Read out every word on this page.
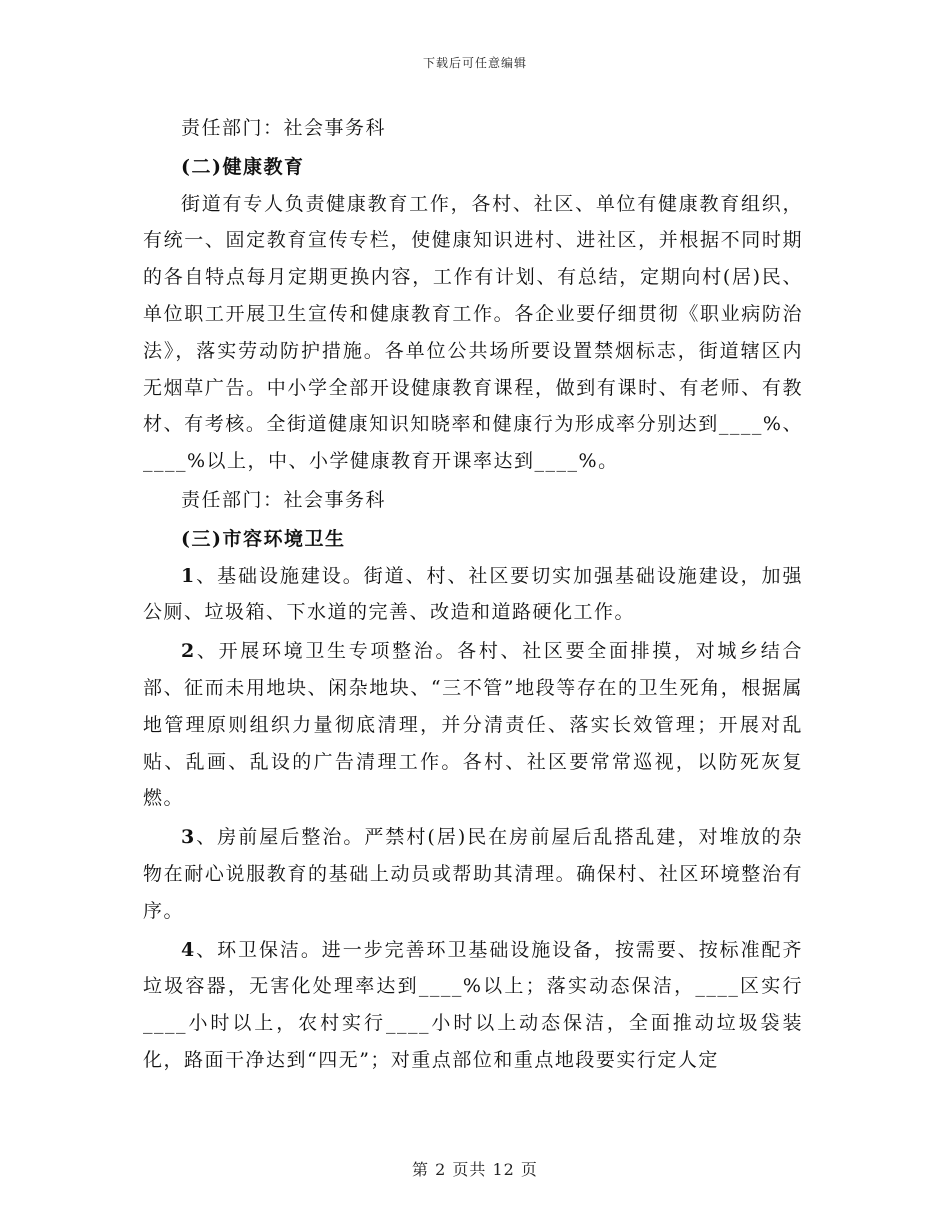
下载后可任意编辑

责任部门：社会事务科

(二)健康教育

街道有专人负责健康教育工作，各村、社区、单位有健康教育组织，有统一、固定教育宣传专栏，使健康知识进村、进社区，并根据不同时期的各自特点每月定期更换内容，工作有计划、有总结，定期向村(居)民、单位职工开展卫生宣传和健康教育工作。各企业要仔细贯彻《职业病防治法》，落实劳动防护措施。各单位公共场所要设置禁烟标志，街道辖区内无烟草广告。中小学全部开设健康教育课程，做到有课时、有老师、有教材、有考核。全街道健康知识知晓率和健康行为形成率分别达到____%、____%以上，中、小学健康教育开课率达到____%。

责任部门：社会事务科

(三)市容环境卫生

1、基础设施建设。街道、村、社区要切实加强基础设施建设，加强公厕、垃圾箱、下水道的完善、改造和道路硬化工作。

2、开展环境卫生专项整治。各村、社区要全面排摸，对城乡结合部、征而未用地块、闲杂地块、“三不管”地段等存在的卫生死角，根据属地管理原则组织力量彻底清理，并分清责任、落实长效管理；开展对乱贴、乱画、乱设的广告清理工作。各村、社区要常常巡视，以防死灰复燃。

3、房前屋后整治。严禁村(居)民在房前屋后乱搭乱建，对堆放的杂物在耐心说服教育的基础上动员或帮助其清理。确保村、社区环境整治有序。

4、环卫保洁。进一步完善环卫基础设施设备，按需要、按标准配齐垃圾容器，无害化处理率达到____%以上；落实动态保洁，____区实行____小时以上，农村实行____小时以上动态保洁，全面推动垃圾袋装化，路面干净达到“四无”；对重点部位和重点地段要实行定人定

第 2 页共 12 页
